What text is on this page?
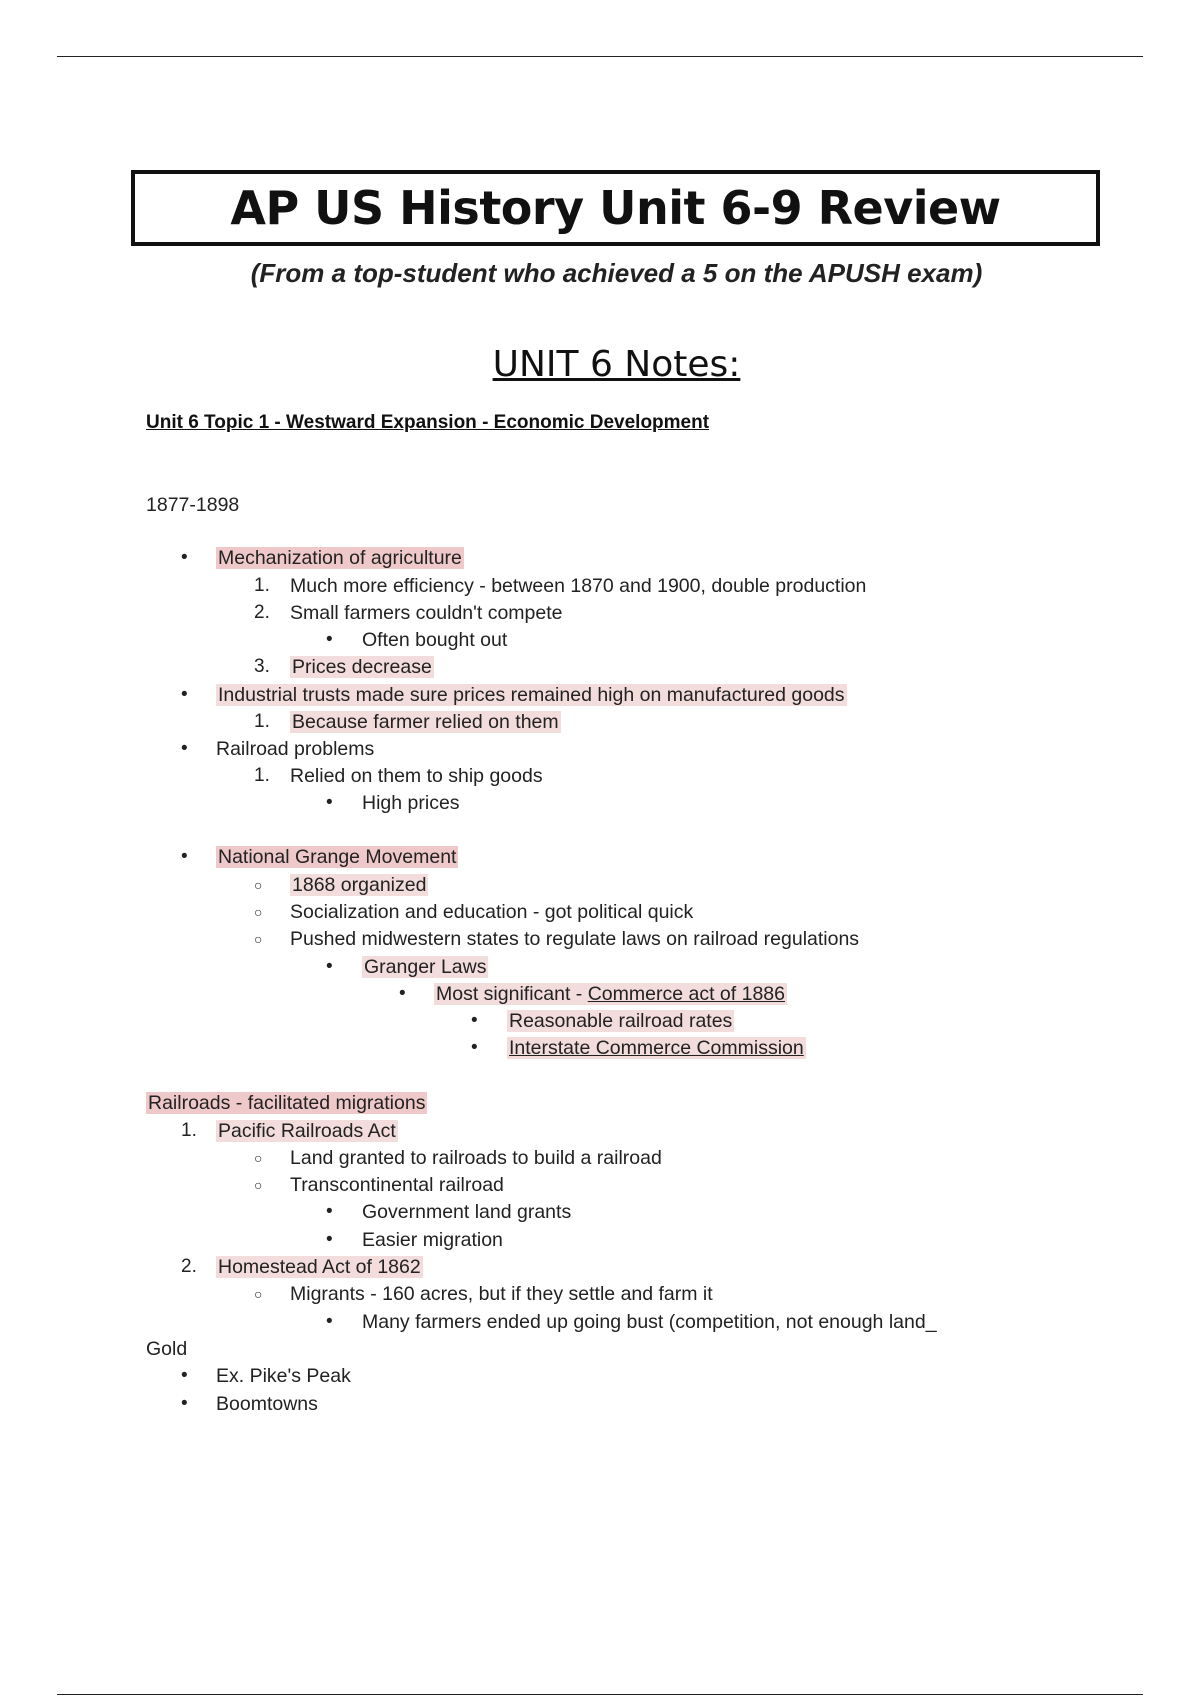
AP US History Unit 6-9 Review
(From a top-student who achieved a 5 on the APUSH exam)
UNIT 6 Notes:
Unit 6 Topic 1 - Westward Expansion - Economic Development
1877-1898
• Mechanization of agriculture
1. Much more efficiency - between 1870 and 1900, double production
2. Small farmers couldn't compete
• Often bought out
3. Prices decrease
• Industrial trusts made sure prices remained high on manufactured goods
1. Because farmer relied on them
• Railroad problems
1. Relied on them to ship goods
• High prices
• National Grange Movement
○ 1868 organized
○ Socialization and education - got political quick
○ Pushed midwestern states to regulate laws on railroad regulations
• Granger Laws
• Most significant - Commerce act of 1886
• Reasonable railroad rates
• Interstate Commerce Commission
Railroads - facilitated migrations
1. Pacific Railroads Act
○ Land granted to railroads to build a railroad
○ Transcontinental railroad
• Government land grants
• Easier migration
2. Homestead Act of 1862
○ Migrants - 160 acres, but if they settle and farm it
• Many farmers ended up going bust (competition, not enough land_
Gold
• Ex. Pike's Peak
• Boomtowns
